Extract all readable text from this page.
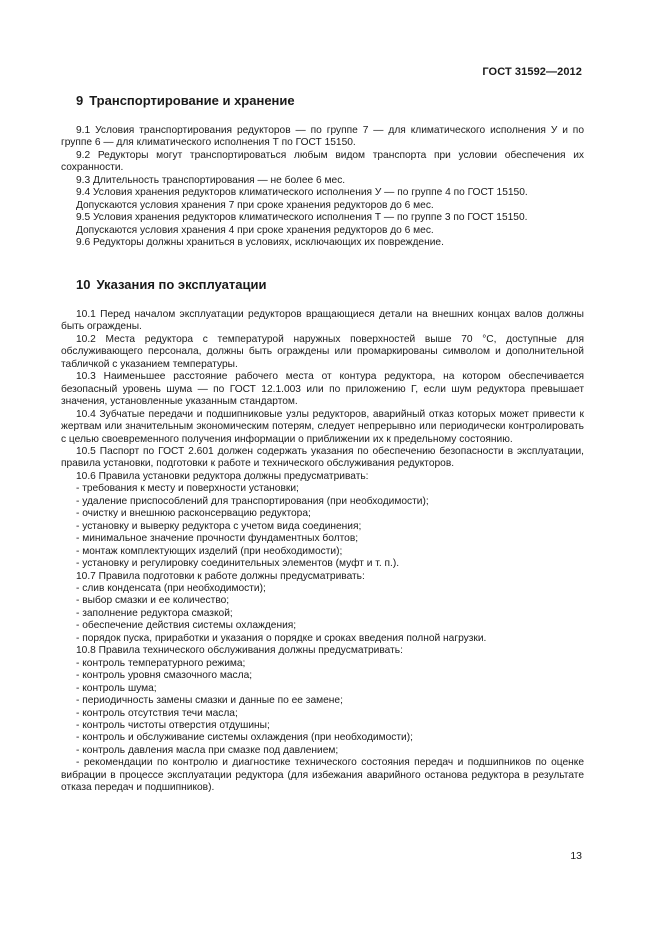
ГОСТ 31592—2012
9 Транспортирование и хранение

9.1 Условия транспортирования редукторов — по группе 7 — для климатического исполнения У и по группе 6 — для климатического исполнения Т по ГОСТ 15150.

9.2 Редукторы могут транспортироваться любым видом транспорта при условии обеспечения их сохранности.

9.3 Длительность транспортирования — не более 6 мес.

9.4 Условия хранения редукторов климатического исполнения У — по группе 4 по ГОСТ 15150.

Допускаются условия хранения 7 при сроке хранения редукторов до 6 мес.

9.5 Условия хранения редукторов климатического исполнения Т — по группе 3 по ГОСТ 15150.

Допускаются условия хранения 4 при сроке хранения редукторов до 6 мес.

9.6 Редукторы должны храниться в условиях, исключающих их повреждение.

10 Указания по эксплуатации

10.1 Перед началом эксплуатации редукторов вращающиеся детали на внешних концах валов должны быть ограждены.

10.2 Места редуктора с температурой наружных поверхностей выше 70 °С, доступные для обслуживающего персонала, должны быть ограждены или промаркированы символом и дополнительной табличкой с указанием температуры.

10.3 Наименьшее расстояние рабочего места от контура редуктора, на котором обеспечивается безопасный уровень шума — по ГОСТ 12.1.003 или по приложению Г, если шум редуктора превышает значения, установленные указанным стандартом.

10.4 Зубчатые передачи и подшипниковые узлы редукторов, аварийный отказ которых может привести к жертвам или значительным экономическим потерям, следует непрерывно или периодически контролировать с целью своевременного получения информации о приближении их к предельному состоянию.

10.5 Паспорт по ГОСТ 2.601 должен содержать указания по обеспечению безопасности в эксплуатации, правила установки, подготовки к работе и технического обслуживания редукторов.

10.6 Правила установки редуктора должны предусматривать:

- требования к месту и поверхности установки;

- удаление приспособлений для транспортирования (при необходимости);

- очистку и внешнюю расконсервацию редуктора;

- установку и выверку редуктора с учетом вида соединения;

- минимальное значение прочности фундаментных болтов;

- монтаж комплектующих изделий (при необходимости);

- установку и регулировку соединительных элементов (муфт и т. п.).

10.7 Правила подготовки к работе должны предусматривать:

- слив конденсата (при необходимости);

- выбор смазки и ее количество;

- заполнение редуктора смазкой;

- обеспечение действия системы охлаждения;

- порядок пуска, приработки и указания о порядке и сроках введения полной нагрузки.

10.8 Правила технического обслуживания должны предусматривать:

- контроль температурного режима;

- контроль уровня смазочного масла;

- контроль шума;

- периодичность замены смазки и данные по ее замене;

- контроль отсутствия течи масла;

- контроль чистоты отверстия отдушины;

- контроль и обслуживание системы охлаждения (при необходимости);

- контроль давления масла при смазке под давлением;

- рекомендации по контролю и диагностике технического состояния передач и подшипников по оценке вибрации в процессе эксплуатации редуктора (для избежания аварийного останова редуктора в результате отказа передач и подшипников).

13
